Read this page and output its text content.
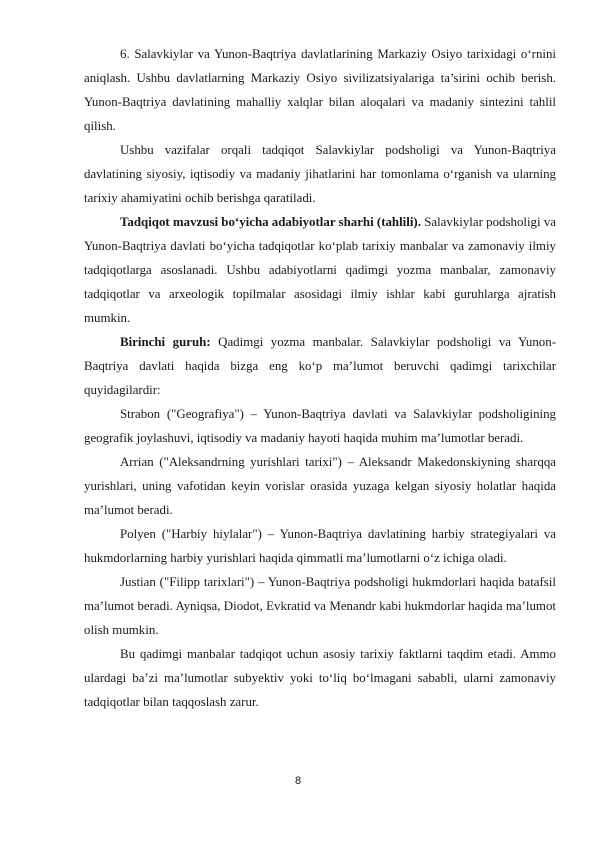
6. Salavkiylar va Yunon-Baqtriya davlatlarining Markaziy Osiyo tarixidagi o‘rnini aniqlash. Ushbu davlatlarning Markaziy Osiyo sivilizatsiyalariga ta’sirini ochib berish. Yunon-Baqtriya davlatining mahalliy xalqlar bilan aloqalari va madaniy sintezini tahlil qilish.

Ushbu vazifalar orqali tadqiqot Salavkiylar podsholigi va Yunon-Baqtriya davlatining siyosiy, iqtisodiy va madaniy jihatlarini har tomonlama o‘rganish va ularning tarixiy ahamiyatini ochib berishga qaratiladi.

Tadqiqot mavzusi bo‘yicha adabiyotlar sharhi (tahlili). Salavkiylar podsholigi va Yunon-Baqtriya davlati bo‘yicha tadqiqotlar ko‘plab tarixiy manbalar va zamonaviy ilmiy tadqiqotlarga asoslanadi. Ushbu adabiyotlarni qadimgi yozma manbalar, zamonaviy tadqiqotlar va arxeologik topilmalar asosidagi ilmiy ishlar kabi guruhlarga ajratish mumkin.

Birinchi guruh: Qadimgi yozma manbalar. Salavkiylar podsholigi va Yunon-Baqtriya davlati haqida bizga eng ko‘p ma’lumot beruvchi qadimgi tarixchilar quyidagilardir:

Strabon ("Geografiya") – Yunon-Baqtriya davlati va Salavkiylar podsholigining geografik joylashuvi, iqtisodiy va madaniy hayoti haqida muhim ma’lumotlar beradi.

Arrian ("Aleksandrning yurishlari tarixi") – Aleksandr Makedonskiyning sharqqa yurishlari, uning vafotidan keyin vorislar orasida yuzaga kelgan siyosiy holatlar haqida ma’lumot beradi.

Polyen ("Harbiy hiylalar") – Yunon-Baqtriya davlatining harbiy strategiyalari va hukmdorlarning harbiy yurishlari haqida qimmatli ma’lumotlarni o‘z ichiga oladi.

Justian ("Filipp tarixlari") – Yunon-Baqtriya podsholigi hukmdorlari haqida batafsil ma’lumot beradi. Ayniqsa, Diodot, Evkratid va Menandr kabi hukmdorlar haqida ma’lumot olish mumkin.

Bu qadimgi manbalar tadqiqot uchun asosiy tarixiy faktlarni taqdim etadi. Ammo ulardagi ba’zi ma’lumotlar subyektiv yoki to‘liq bo‘lmagani sababli, ularni zamonaviy tadqiqotlar bilan taqqoslash zarur.

8
